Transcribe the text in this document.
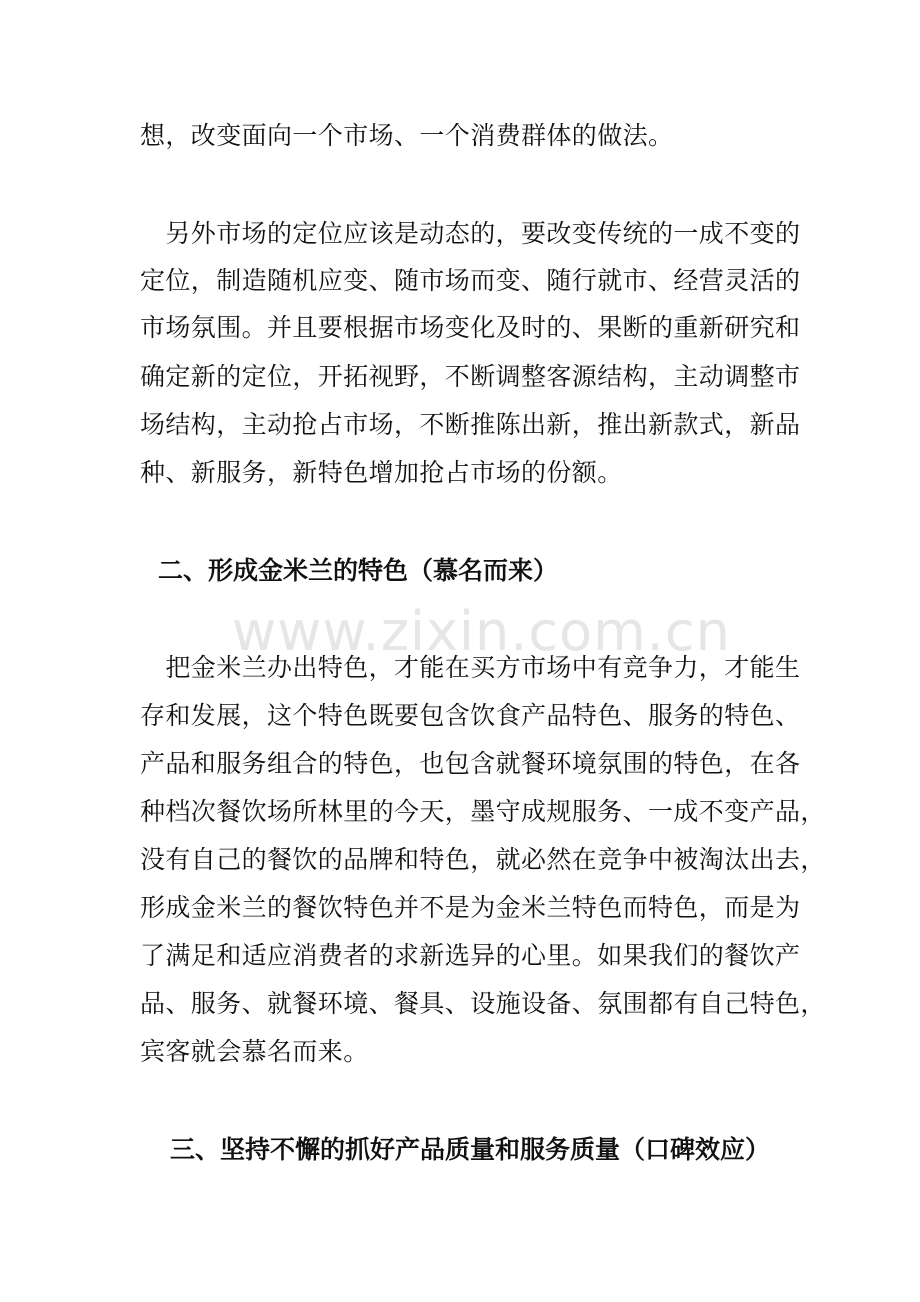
www.zixin.com.cn
想，改变面向一个市场、一个消费群体的做法。
　另外市场的定位应该是动态的，要改变传统的一成不变的
定位，制造随机应变、随市场而变、随行就市、经营灵活的
市场氛围。并且要根据市场变化及时的、果断的重新研究和
确定新的定位，开拓视野，不断调整客源结构，主动调整市
场结构，主动抢占市场，不断推陈出新，推出新款式，新品
种、新服务，新特色增加抢占市场的份额。
二、形成金米兰的特色（慕名而来）
　把金米兰办出特色，才能在买方市场中有竞争力，才能生
存和发展，这个特色既要包含饮食产品特色、服务的特色、
产品和服务组合的特色，也包含就餐环境氛围的特色，在各
种档次餐饮场所林里的今天，墨守成规服务、一成不变产品，
没有自己的餐饮的品牌和特色，就必然在竞争中被淘汰出去，
形成金米兰的餐饮特色并不是为金米兰特色而特色，而是为
了满足和适应消费者的求新选异的心里。如果我们的餐饮产
品、服务、就餐环境、餐具、设施设备、氛围都有自己特色，
宾客就会慕名而来。
三、坚持不懈的抓好产品质量和服务质量（口碑效应）
